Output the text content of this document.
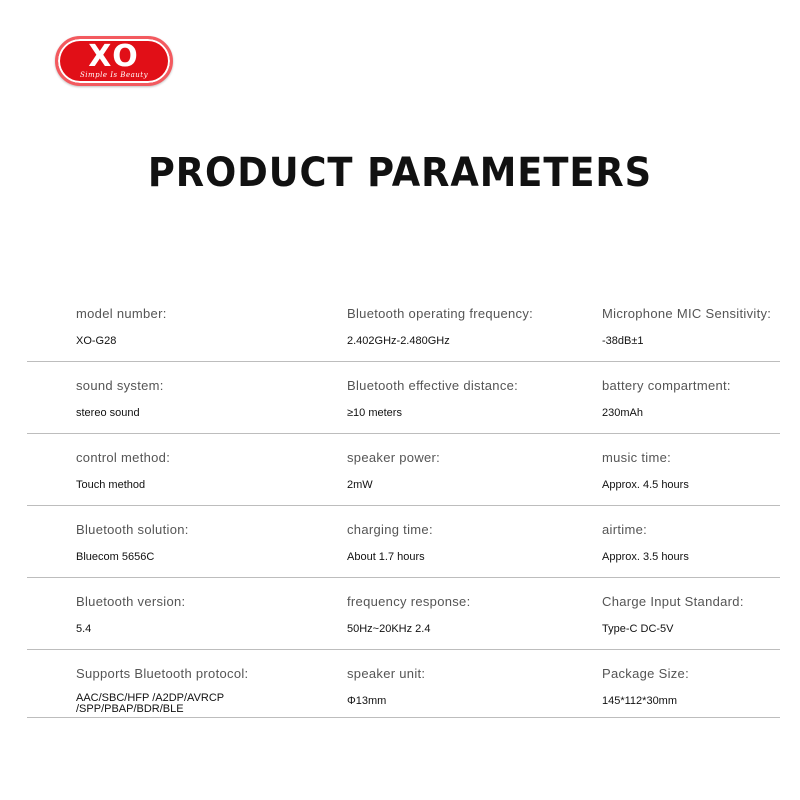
XO
Simple Is Beauty
PRODUCT PARAMETERS
model number:
XO-G28
Bluetooth operating frequency:
2.402GHz-2.480GHz
Microphone MIC Sensitivity:
-38dB±1
sound system:
stereo sound
Bluetooth effective distance:
≥10 meters
battery compartment:
230mAh
control method:
Touch method
speaker power:
2mW
music time:
Approx. 4.5 hours
Bluetooth solution:
Bluecom 5656C
charging time:
About 1.7 hours
airtime:
Approx. 3.5 hours
Bluetooth version:
5.4
frequency response:
50Hz~20KHz 2.4
Charge Input Standard:
Type-C DC-5V
Supports Bluetooth protocol:
AAC/SBC/HFP /A2DP/AVRCP
/SPP/PBAP/BDR/BLE
speaker unit:
Φ13mm
Package Size:
145*112*30mm
